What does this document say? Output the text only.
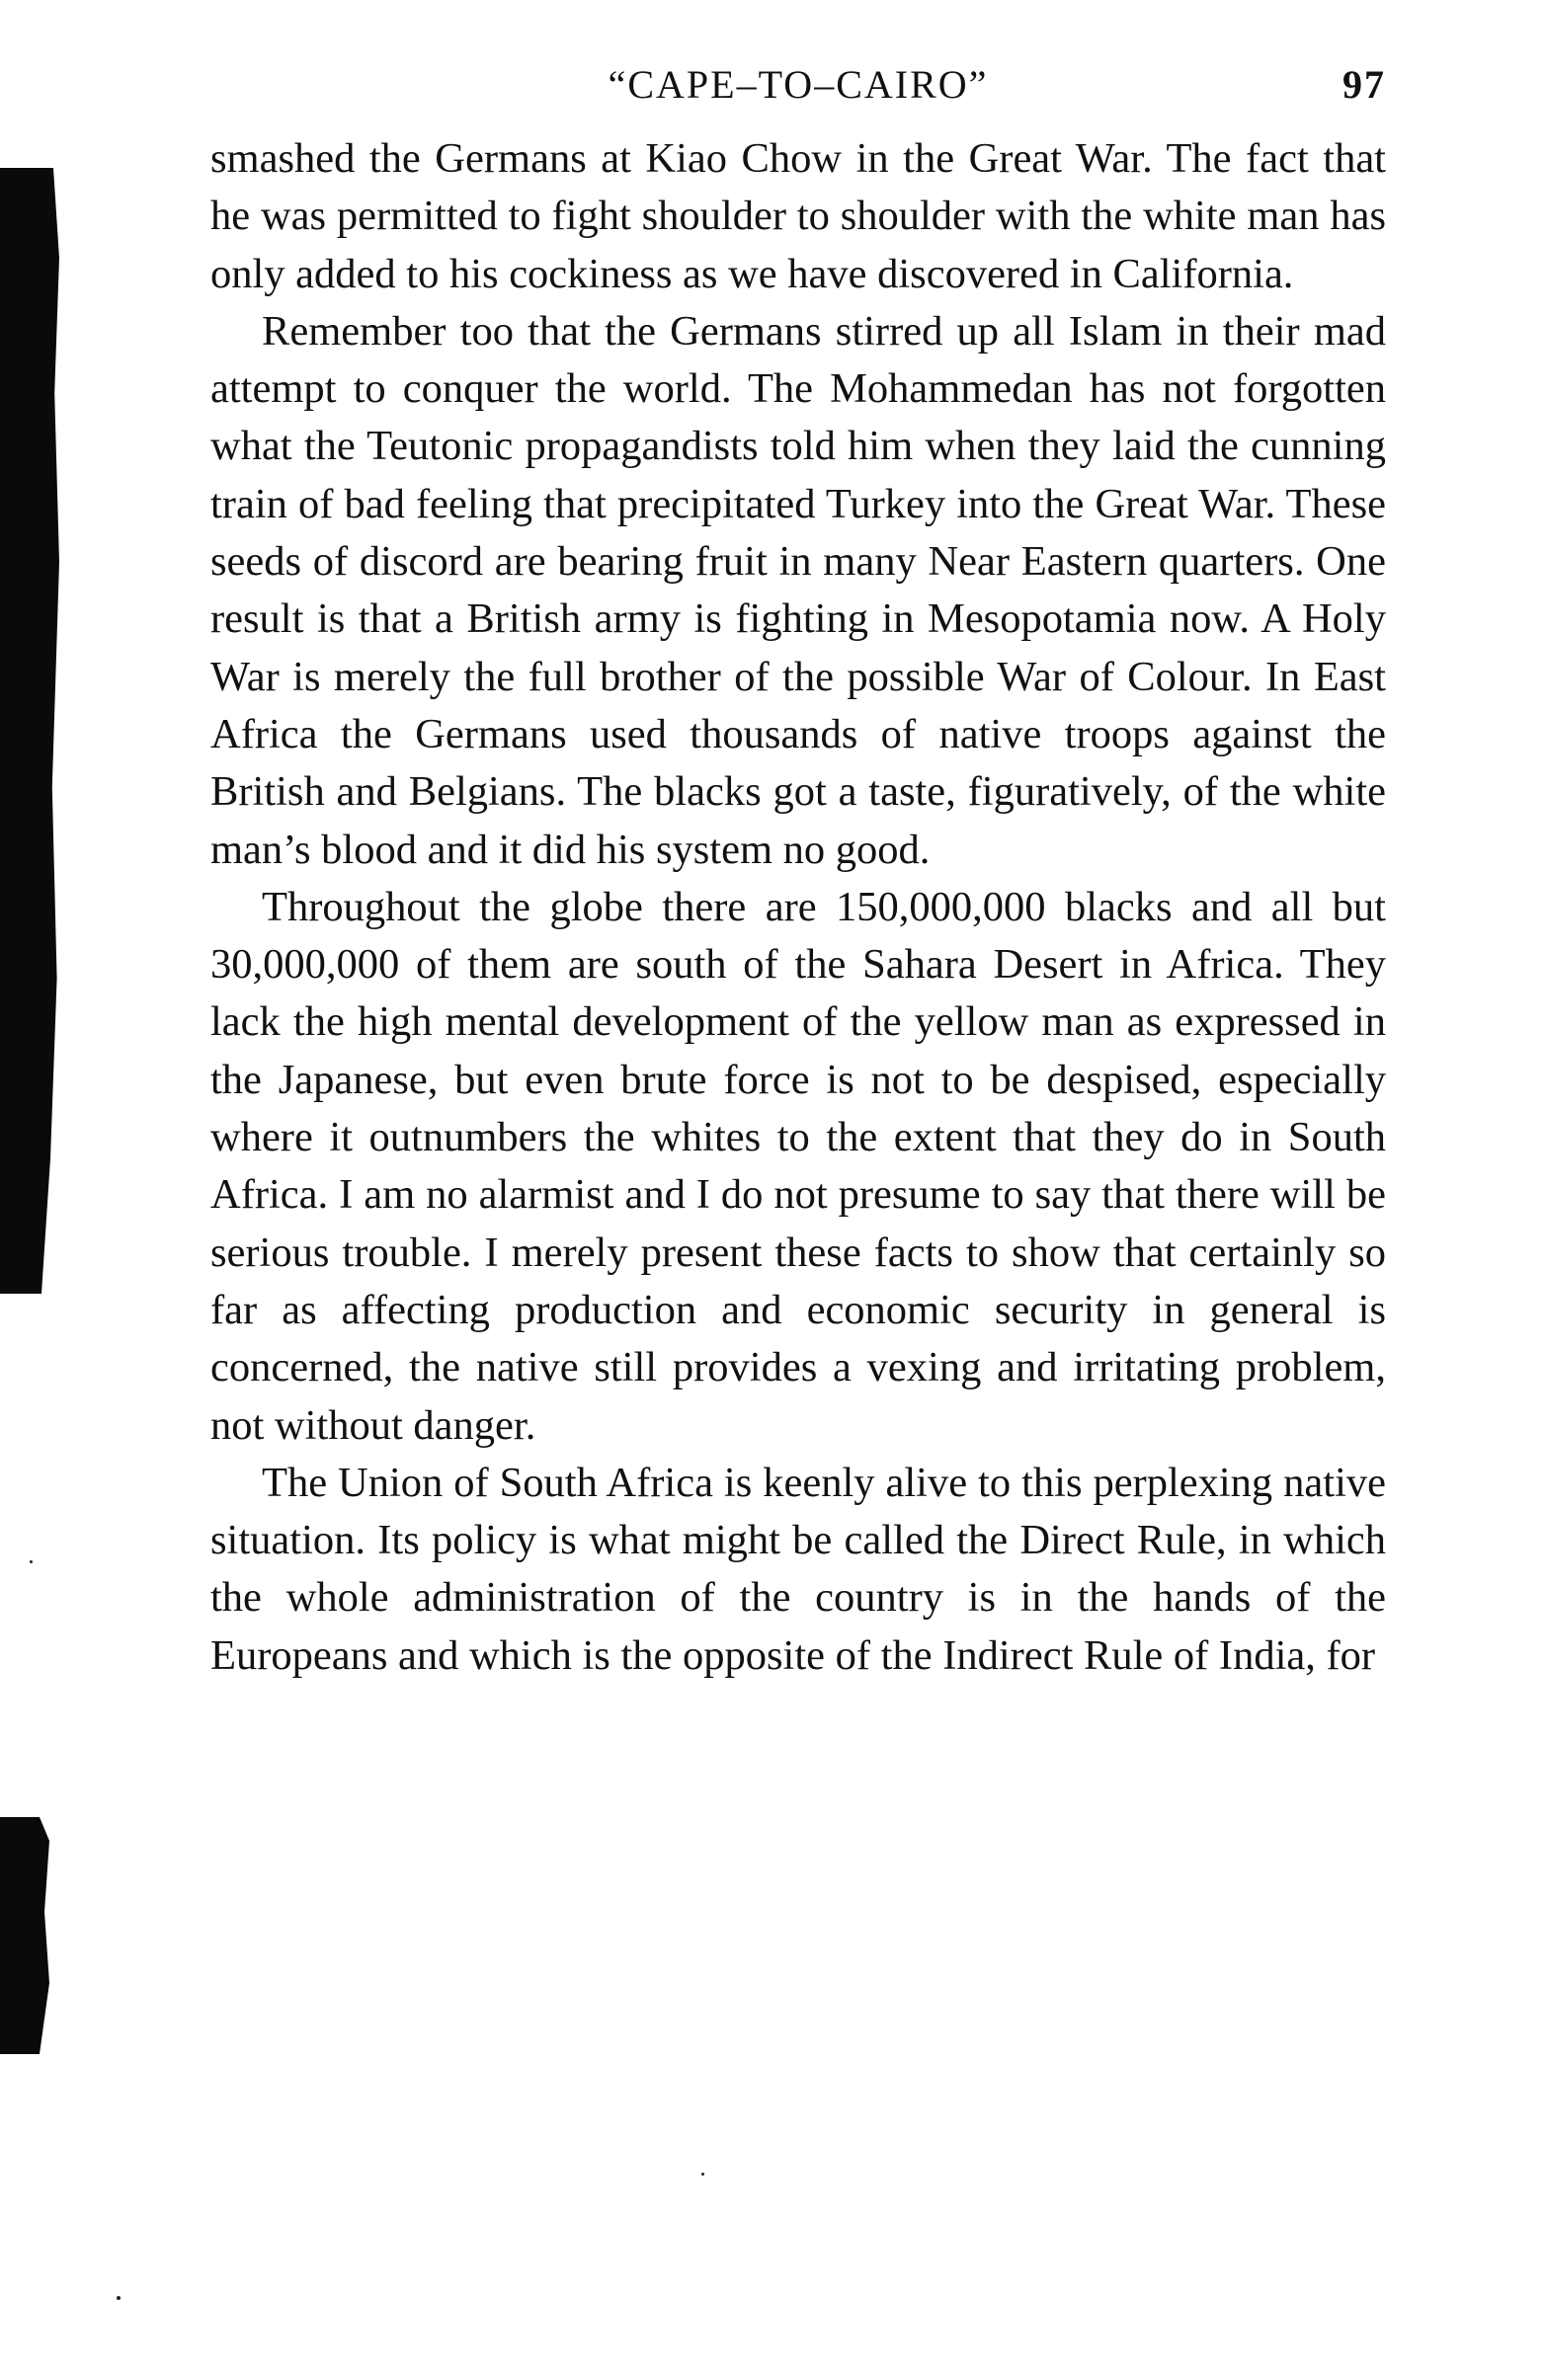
“CAPE–TO–CAIRO”	97

smashed the Germans at Kiao Chow in the Great War. The fact that he was permitted to fight shoulder to shoulder with the white man has only added to his cockiness as we have discovered in California.

Remember too that the Germans stirred up all Islam in their mad attempt to conquer the world. The Mohammedan has not forgotten what the Teutonic propagandists told him when they laid the cunning train of bad feeling that precipitated Turkey into the Great War. These seeds of discord are bearing fruit in many Near Eastern quarters. One result is that a British army is fighting in Mesopotamia now. A Holy War is merely the full brother of the possible War of Colour. In East Africa the Germans used thousands of native troops against the British and Belgians. The blacks got a taste, figuratively, of the white man’s blood and it did his system no good.

Throughout the globe there are 150,000,000 blacks and all but 30,000,000 of them are south of the Sahara Desert in Africa. They lack the high mental development of the yellow man as expressed in the Japanese, but even brute force is not to be despised, especially where it outnumbers the whites to the extent that they do in South Africa. I am no alarmist and I do not presume to say that there will be serious trouble. I merely present these facts to show that certainly so far as affecting production and economic security in general is concerned, the native still provides a vexing and irritating problem, not without danger.

The Union of South Africa is keenly alive to this perplexing native situation. Its policy is what might be called the Direct Rule, in which the whole administration of the country is in the hands of the Europeans and which is the opposite of the Indirect Rule of India, for
